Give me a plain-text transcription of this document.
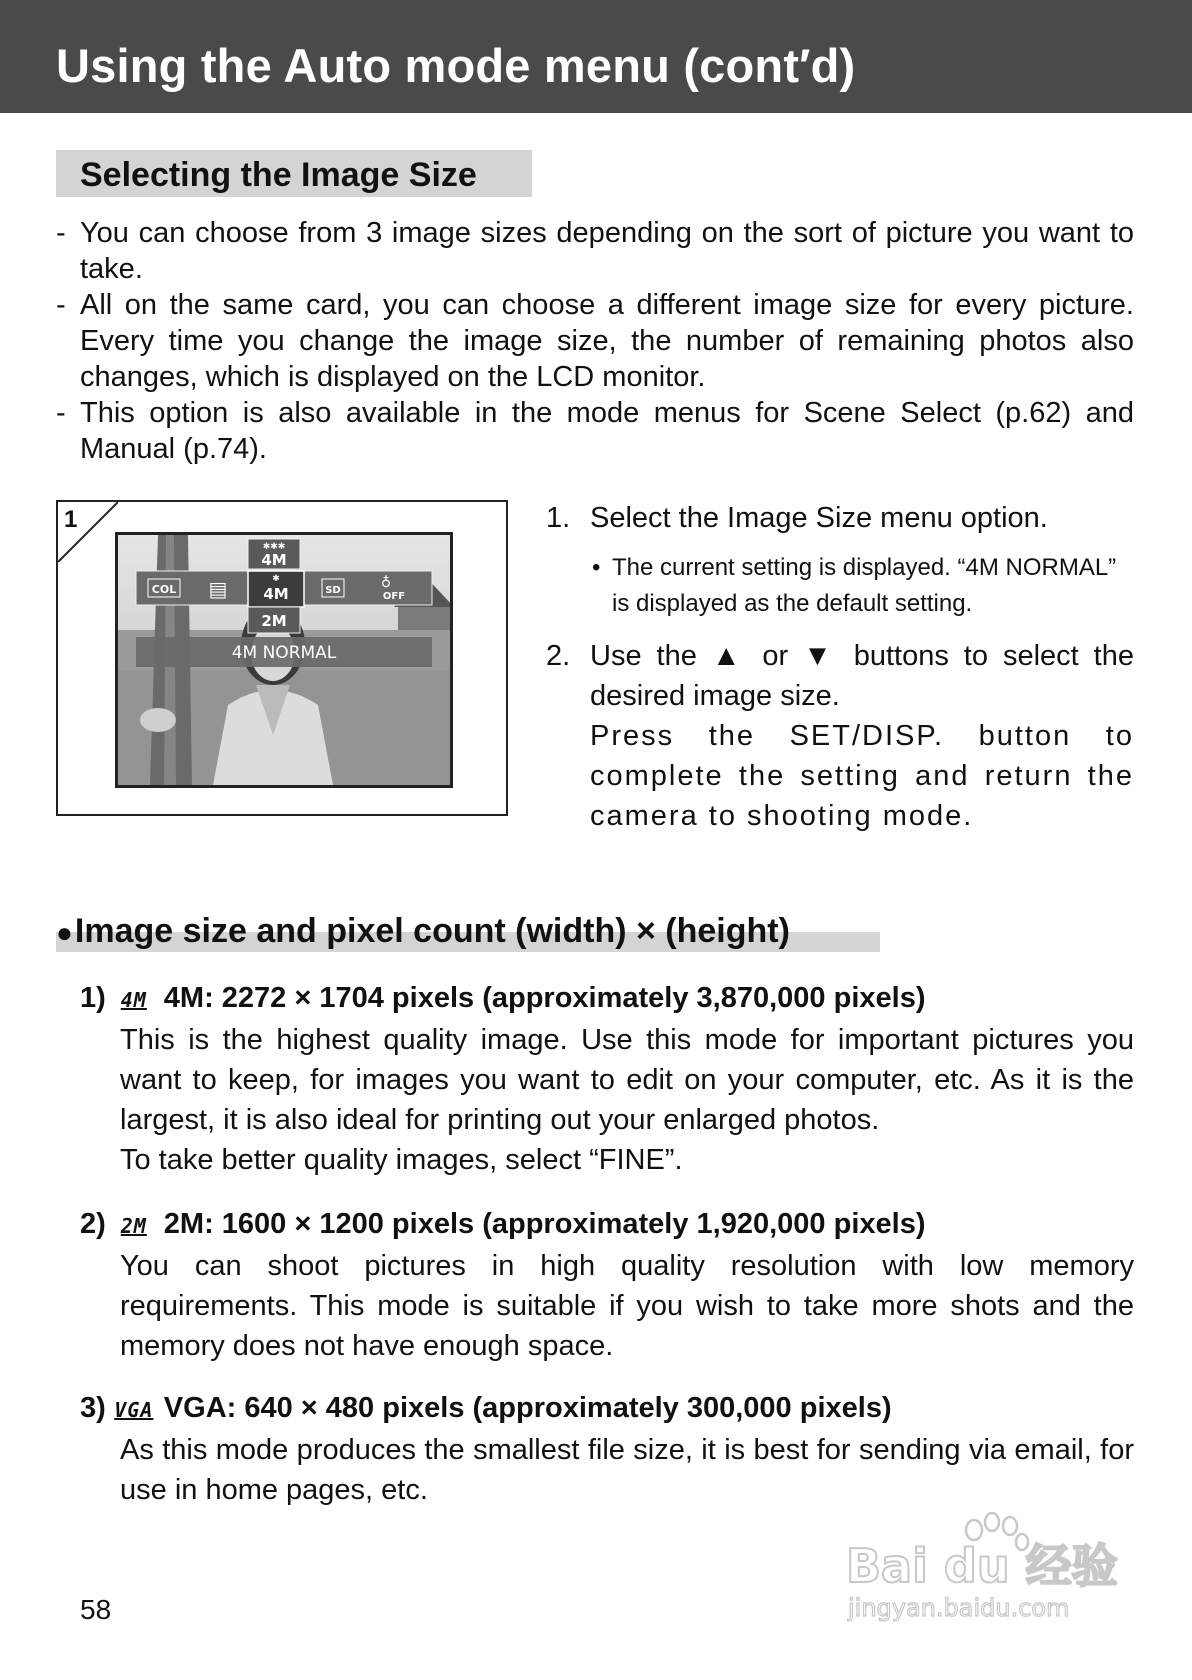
Using the Auto mode menu (cont′d)
Selecting the Image Size
- You can choose from 3 image sizes depending on the sort of picture you want to take.
- All on the same card, you can choose a different image size for every picture. Every time you change the image size, the number of remaining photos also changes, which is displayed on the LCD monitor.
- This option is also available in the mode menus for Scene Select (p.62) and Manual (p.74).
1
✱✱✱
4M
COL ▤	✱
4M	SD	♁
OFF
2M
4M NORMAL
1. Select the Image Size menu option.
• The current setting is displayed. “4M NORMAL” is displayed as the default setting.
2. Use the ▲ or ▼ buttons to select the desired image size.
Press the SET/DISP. button to complete the setting and return the camera to shooting mode.
●Image size and pixel count (width) × (height)
1) 4M 4M: 2272 × 1704 pixels (approximately 3,870,000 pixels)
This is the highest quality image. Use this mode for important pictures you want to keep, for images you want to edit on your computer, etc. As it is the largest, it is also ideal for printing out your enlarged photos.
To take better quality images, select “FINE”.
2) 2M 2M: 1600 × 1200 pixels (approximately 1,920,000 pixels)
You can shoot pictures in high quality resolution with low memory requirements. This mode is suitable if you wish to take more shots and the memory does not have enough space.
3) VGA VGA: 640 × 480 pixels (approximately 300,000 pixels)
As this mode produces the smallest file size, it is best for sending via email, for use in home pages, etc.
58
Bai du 经验
jingyan.baidu.com
